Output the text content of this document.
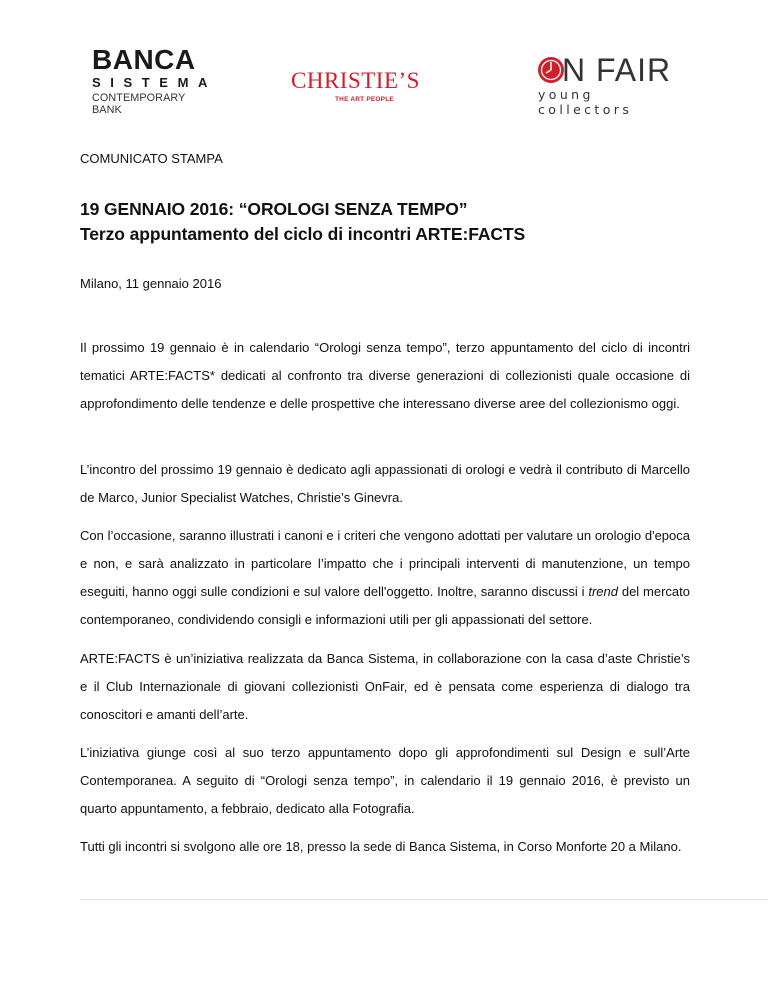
BANCA
SISTEMA
CONTEMPORARY BANK
CHRISTIE’S
THE ART PEOPLE
N FAIR
young collectors
COMUNICATO STAMPA
19 GENNAIO 2016: “OROLOGI SENZA TEMPO”
Terzo appuntamento del ciclo di incontri ARTE:FACTS
Milano, 11 gennaio 2016

Il prossimo 19 gennaio è in calendario “Orologi senza tempo”, terzo appuntamento del ciclo di incontri tematici ARTE:FACTS* dedicati al confronto tra diverse generazioni di collezionisti quale occasione di approfondimento delle tendenze e delle prospettive che interessano diverse aree del collezionismo oggi.

L’incontro del prossimo 19 gennaio è dedicato agli appassionati di orologi e vedrà il contributo di Marcello de Marco, Junior Specialist Watches, Christie’s Ginevra.

Con l’occasione, saranno illustrati i canoni e i criteri che vengono adottati per valutare un orologio d'epoca e non, e sarà analizzato in particolare l’impatto che i principali interventi di manutenzione, un tempo eseguiti, hanno oggi sulle condizioni e sul valore dell'oggetto. Inoltre, saranno discussi i trend del mercato contemporaneo, condividendo consigli e informazioni utili per gli appassionati del settore.

ARTE:FACTS è un’iniziativa realizzata da Banca Sistema, in collaborazione con la casa d’aste Christie’s e il Club Internazionale di giovani collezionisti OnFair, ed è pensata come esperienza di dialogo tra conoscitori e amanti dell’arte.

L’iniziativa giunge così al suo terzo appuntamento dopo gli approfondimenti sul Design e sull’Arte Contemporanea. A seguito di “Orologi senza tempo”, in calendario il 19 gennaio 2016, è previsto un quarto appuntamento, a febbraio, dedicato alla Fotografia.

Tutti gli incontri si svolgono alle ore 18, presso la sede di Banca Sistema, in Corso Monforte 20 a Milano.
